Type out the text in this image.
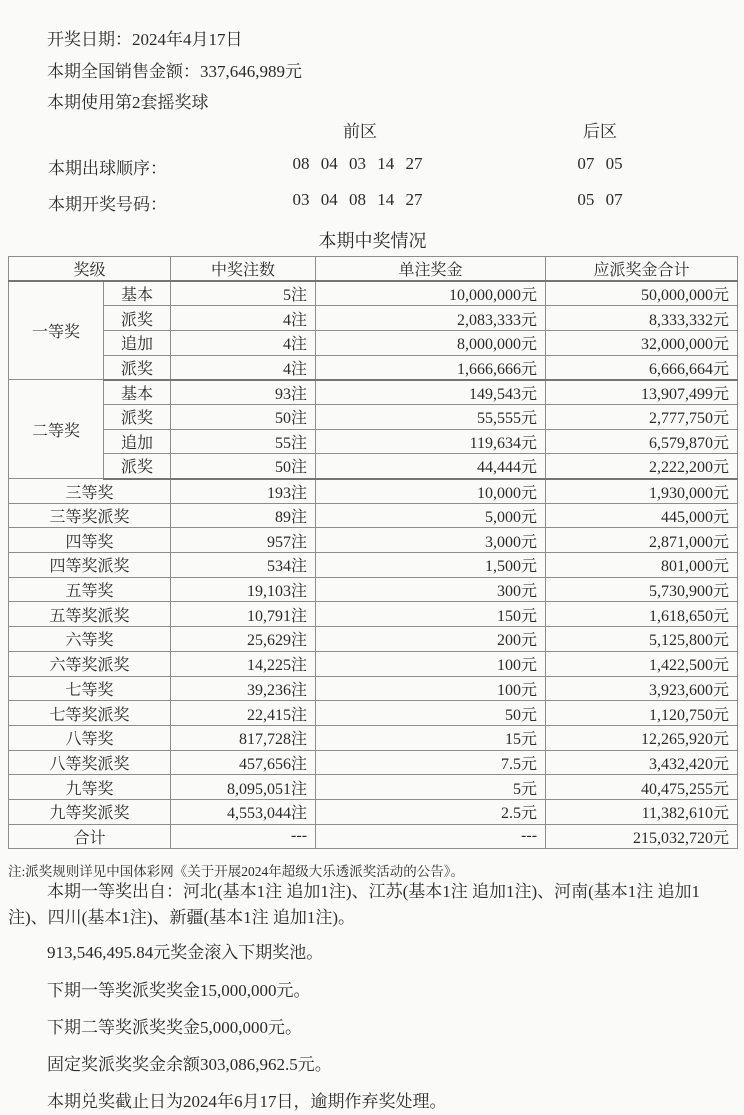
开奖日期：2024年4月17日
本期全国销售金额：337,646,989元
本期使用第2套摇奖球
前区	后区
本期出球顺序：	08 04 03 14 27	07 05
本期开奖号码：	03 04 08 14 27	05 07
本期中奖情况
奖级		中奖注数	单注奖金	应派奖金合计
一等奖	基本	5注	10,000,000元	50,000,000元
	派奖	4注	2,083,333元	8,333,332元
	追加	4注	8,000,000元	32,000,000元
	派奖	4注	1,666,666元	6,666,664元
二等奖	基本	93注	149,543元	13,907,499元
	派奖	50注	55,555元	2,777,750元
	追加	55注	119,634元	6,579,870元
	派奖	50注	44,444元	2,222,200元
三等奖		193注	10,000元	1,930,000元
三等奖派奖		89注	5,000元	445,000元
四等奖		957注	3,000元	2,871,000元
四等奖派奖		534注	1,500元	801,000元
五等奖		19,103注	300元	5,730,900元
五等奖派奖		10,791注	150元	1,618,650元
六等奖		25,629注	200元	5,125,800元
六等奖派奖		14,225注	100元	1,422,500元
七等奖		39,236注	100元	3,923,600元
七等奖派奖		22,415注	50元	1,120,750元
八等奖		817,728注	15元	12,265,920元
八等奖派奖		457,656注	7.5元	3,432,420元
九等奖		8,095,051注	5元	40,475,255元
九等奖派奖		4,553,044注	2.5元	11,382,610元
合计		---	---	215,032,720元
注:派奖规则详见中国体彩网《关于开展2024年超级大乐透派奖活动的公告》。
本期一等奖出自：河北(基本1注 追加1注)、江苏(基本1注 追加1注)、河南(基本1注 追加1注)、四川(基本1注)、新疆(基本1注 追加1注)。
913,546,495.84元奖金滚入下期奖池。
下期一等奖派奖奖金15,000,000元。
下期二等奖派奖奖金5,000,000元。
固定奖派奖奖金余额303,086,962.5元。
本期兑奖截止日为2024年6月17日，逾期作弃奖处理。
